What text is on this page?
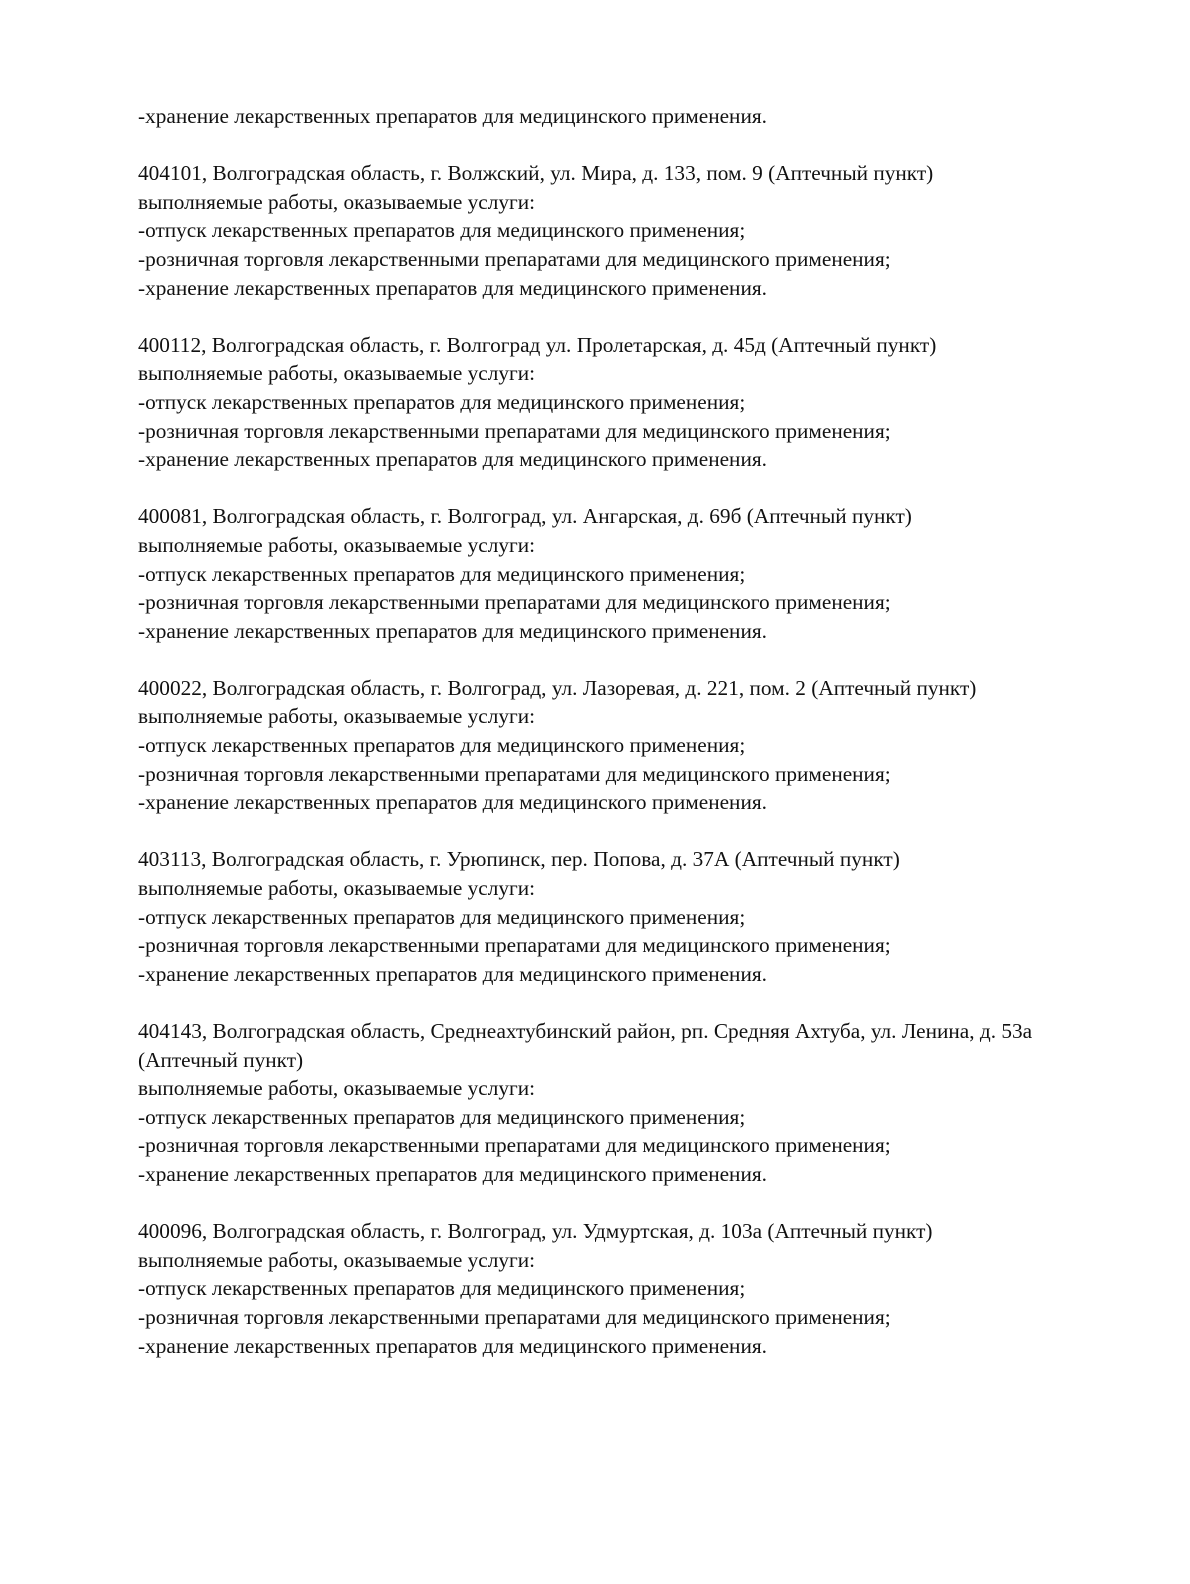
-хранение лекарственных препаратов для медицинского применения.
404101, Волгоградская область, г. Волжский, ул. Мира, д. 133, пом. 9 (Аптечный пункт)
выполняемые работы, оказываемые услуги:
-отпуск лекарственных препаратов для медицинского применения;
-розничная торговля лекарственными препаратами для медицинского применения;
-хранение лекарственных препаратов для медицинского применения.
400112, Волгоградская область, г. Волгоград ул. Пролетарская, д. 45д (Аптечный пункт)
выполняемые работы, оказываемые услуги:
-отпуск лекарственных препаратов для медицинского применения;
-розничная торговля лекарственными препаратами для медицинского применения;
-хранение лекарственных препаратов для медицинского применения.
400081, Волгоградская область, г. Волгоград, ул. Ангарская, д. 69б (Аптечный пункт)
выполняемые работы, оказываемые услуги:
-отпуск лекарственных препаратов для медицинского применения;
-розничная торговля лекарственными препаратами для медицинского применения;
-хранение лекарственных препаратов для медицинского применения.
400022, Волгоградская область, г. Волгоград, ул. Лазоревая, д. 221, пом. 2 (Аптечный пункт)
выполняемые работы, оказываемые услуги:
-отпуск лекарственных препаратов для медицинского применения;
-розничная торговля лекарственными препаратами для медицинского применения;
-хранение лекарственных препаратов для медицинского применения.
403113, Волгоградская область, г. Урюпинск, пер. Попова, д. 37А (Аптечный пункт)
выполняемые работы, оказываемые услуги:
-отпуск лекарственных препаратов для медицинского применения;
-розничная торговля лекарственными препаратами для медицинского применения;
-хранение лекарственных препаратов для медицинского применения.
404143, Волгоградская область, Среднеахтубинский район, рп. Средняя Ахтуба, ул. Ленина, д. 53а (Аптечный пункт)
выполняемые работы, оказываемые услуги:
-отпуск лекарственных препаратов для медицинского применения;
-розничная торговля лекарственными препаратами для медицинского применения;
-хранение лекарственных препаратов для медицинского применения.
400096, Волгоградская область, г. Волгоград, ул. Удмуртская, д. 103а (Аптечный пункт)
выполняемые работы, оказываемые услуги:
-отпуск лекарственных препаратов для медицинского применения;
-розничная торговля лекарственными препаратами для медицинского применения;
-хранение лекарственных препаратов для медицинского применения.
